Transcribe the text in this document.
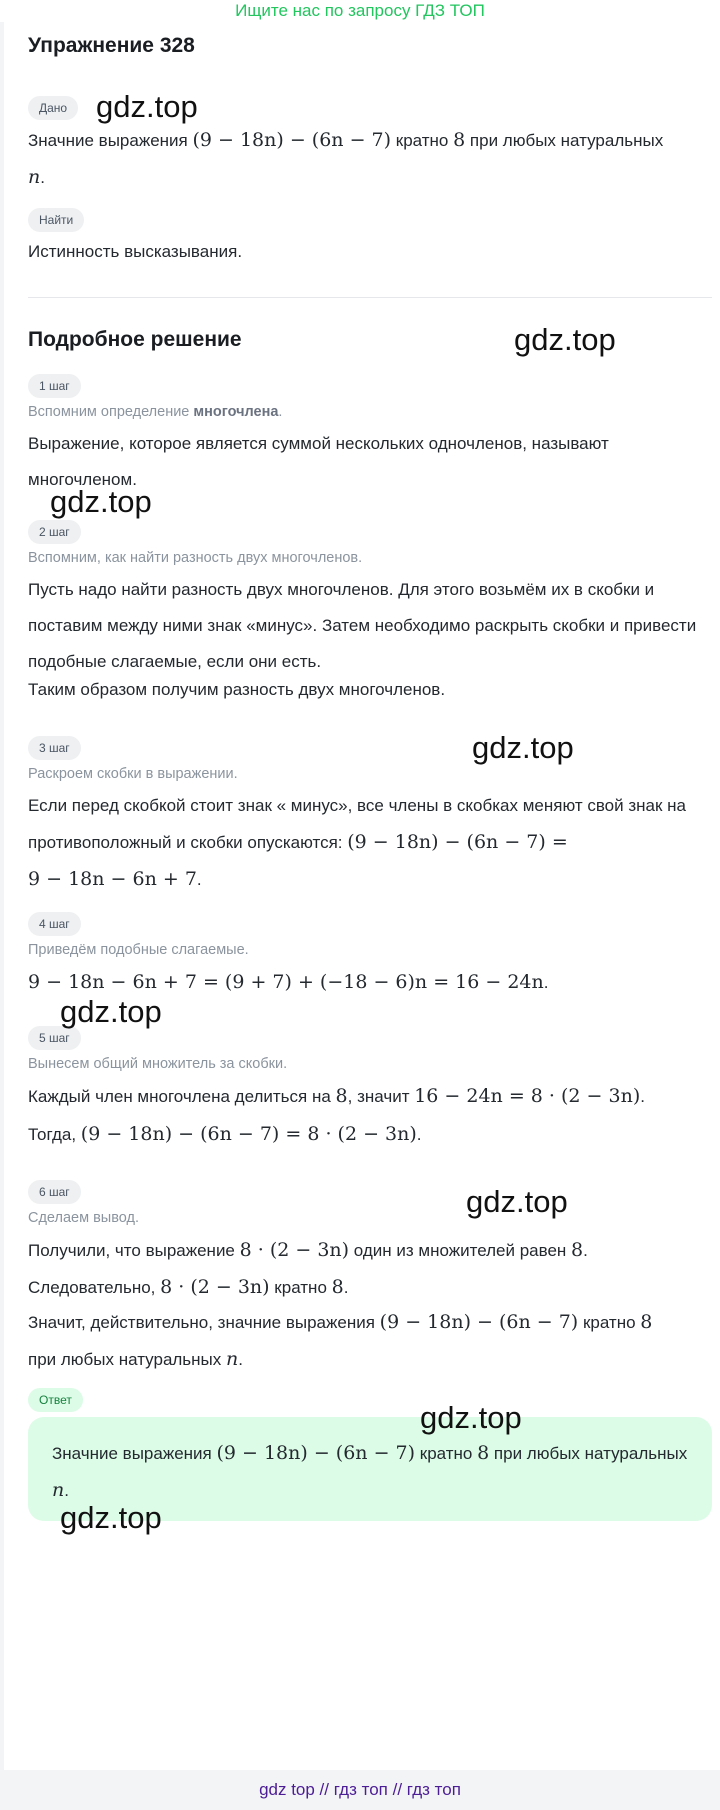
Ищите нас по запросу ГДЗ ТОП
Упражнение 328
Дано
Значние выражения (9 − 18n) − (6n − 7) кратно 8 при любых натуральных
n.
Найти
Истинность высказывания.
Подробное решение
1 шаг
Вспомним определение многочлена.
Выражение, которое является суммой нескольких одночленов, называют многочленом.
2 шаг
Вспомним, как найти разность двух многочленов.
Пусть надо найти разность двух многочленов. Для этого возьмём их в скобки и поставим между ними знак «минус». Затем необходимо раскрыть скобки и привести подобные слагаемые, если они есть.
Таким образом получим разность двух многочленов.
3 шаг
Раскроем скобки в выражении.
Если перед скобкой стоит знак « минус», все члены в скобках меняют свой знак на противоположный и скобки опускаются: (9 − 18n) − (6n − 7) =
9 − 18n − 6n + 7.
4 шаг
Приведём подобные слагаемые.
9 − 18n − 6n + 7 = (9 + 7) + (−18 − 6)n = 16 − 24n.
5 шаг
Вынесем общий множитель за скобки.
Каждый член многочлена делиться на 8, значит 16 − 24n = 8 · (2 − 3n).
Тогда, (9 − 18n) − (6n − 7) = 8 · (2 − 3n).
6 шаг
Сделаем вывод.
Получили, что выражение 8 · (2 − 3n) один из множителей равен 8.
Следовательно, 8 · (2 − 3n) кратно 8.
Значит, действительно, значние выражения (9 − 18n) − (6n − 7) кратно 8
при любых натуральных n.
Ответ
Значние выражения (9 − 18n) − (6n − 7) кратно 8 при любых натуральных n.
gdz.top
gdz.top
gdz.top
gdz.top
gdz.top
gdz.top
gdz.top
gdz.top
gdz top // гдз топ // гдз топ
